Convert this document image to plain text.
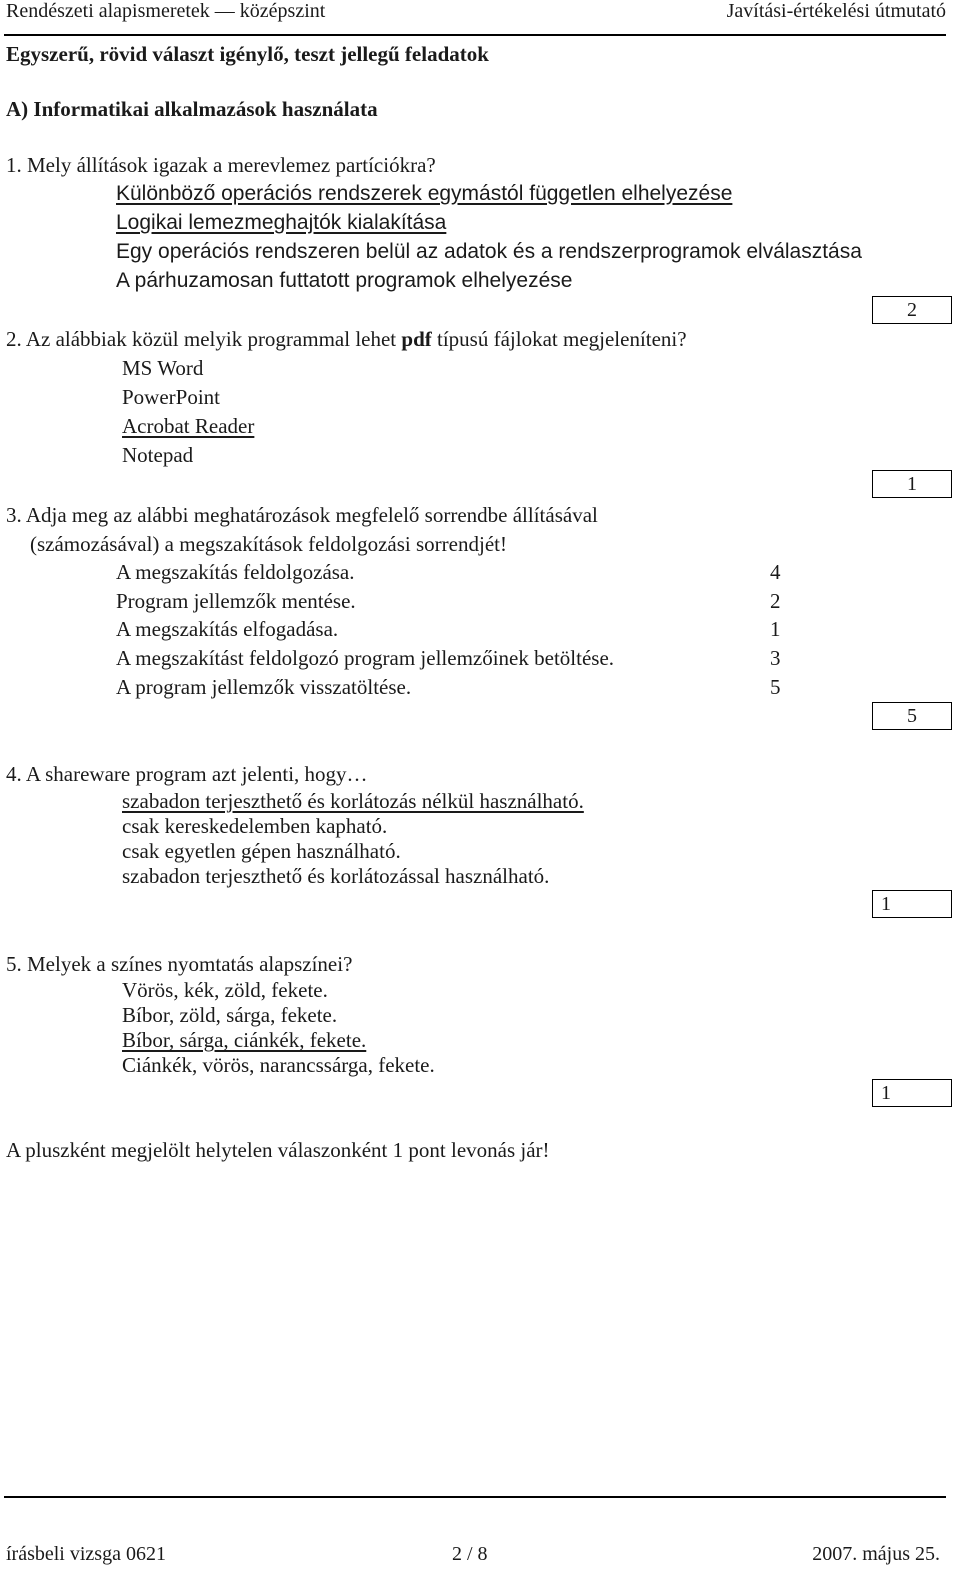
Rendészeti alapismeretek — középszint	Javítási-értékelési útmutató
Egyszerű, rövid választ igénylő, teszt jellegű feladatok
A) Informatikai alkalmazások használata
1. Mely állítások igazak a merevlemez partíciókra?
Különböző operációs rendszerek egymástól független elhelyezése
Logikai lemezmeghajtók kialakítása
Egy operációs rendszeren belül az adatok és a rendszerprogramok elválasztása
A párhuzamosan futtatott programok elhelyezése
2
2. Az alábbiak közül melyik programmal lehet pdf típusú fájlokat megjeleníteni?
MS Word
PowerPoint
Acrobat Reader
Notepad
1
3. Adja meg az alábbi meghatározások megfelelő sorrendbe állításával
(számozásával) a megszakítások feldolgozási sorrendjét!
A megszakítás feldolgozása.	4
Program jellemzők mentése.	2
A megszakítás elfogadása.	1
A megszakítást feldolgozó program jellemzőinek betöltése.	3
A program jellemzők visszatöltése.	5
5
4. A shareware program azt jelenti, hogy…
szabadon terjeszthető és korlátozás nélkül használható.
csak kereskedelemben kapható.
csak egyetlen gépen használható.
szabadon terjeszthető és korlátozással használható.
1
5. Melyek a színes nyomtatás alapszínei?
Vörös, kék, zöld, fekete.
Bíbor, zöld, sárga, fekete.
Bíbor, sárga, ciánkék, fekete.
Ciánkék, vörös, narancssárga, fekete.
1
A pluszként megjelölt helytelen válaszonként 1 pont levonás jár!
írásbeli vizsga 0621	2 / 8	2007. május 25.
